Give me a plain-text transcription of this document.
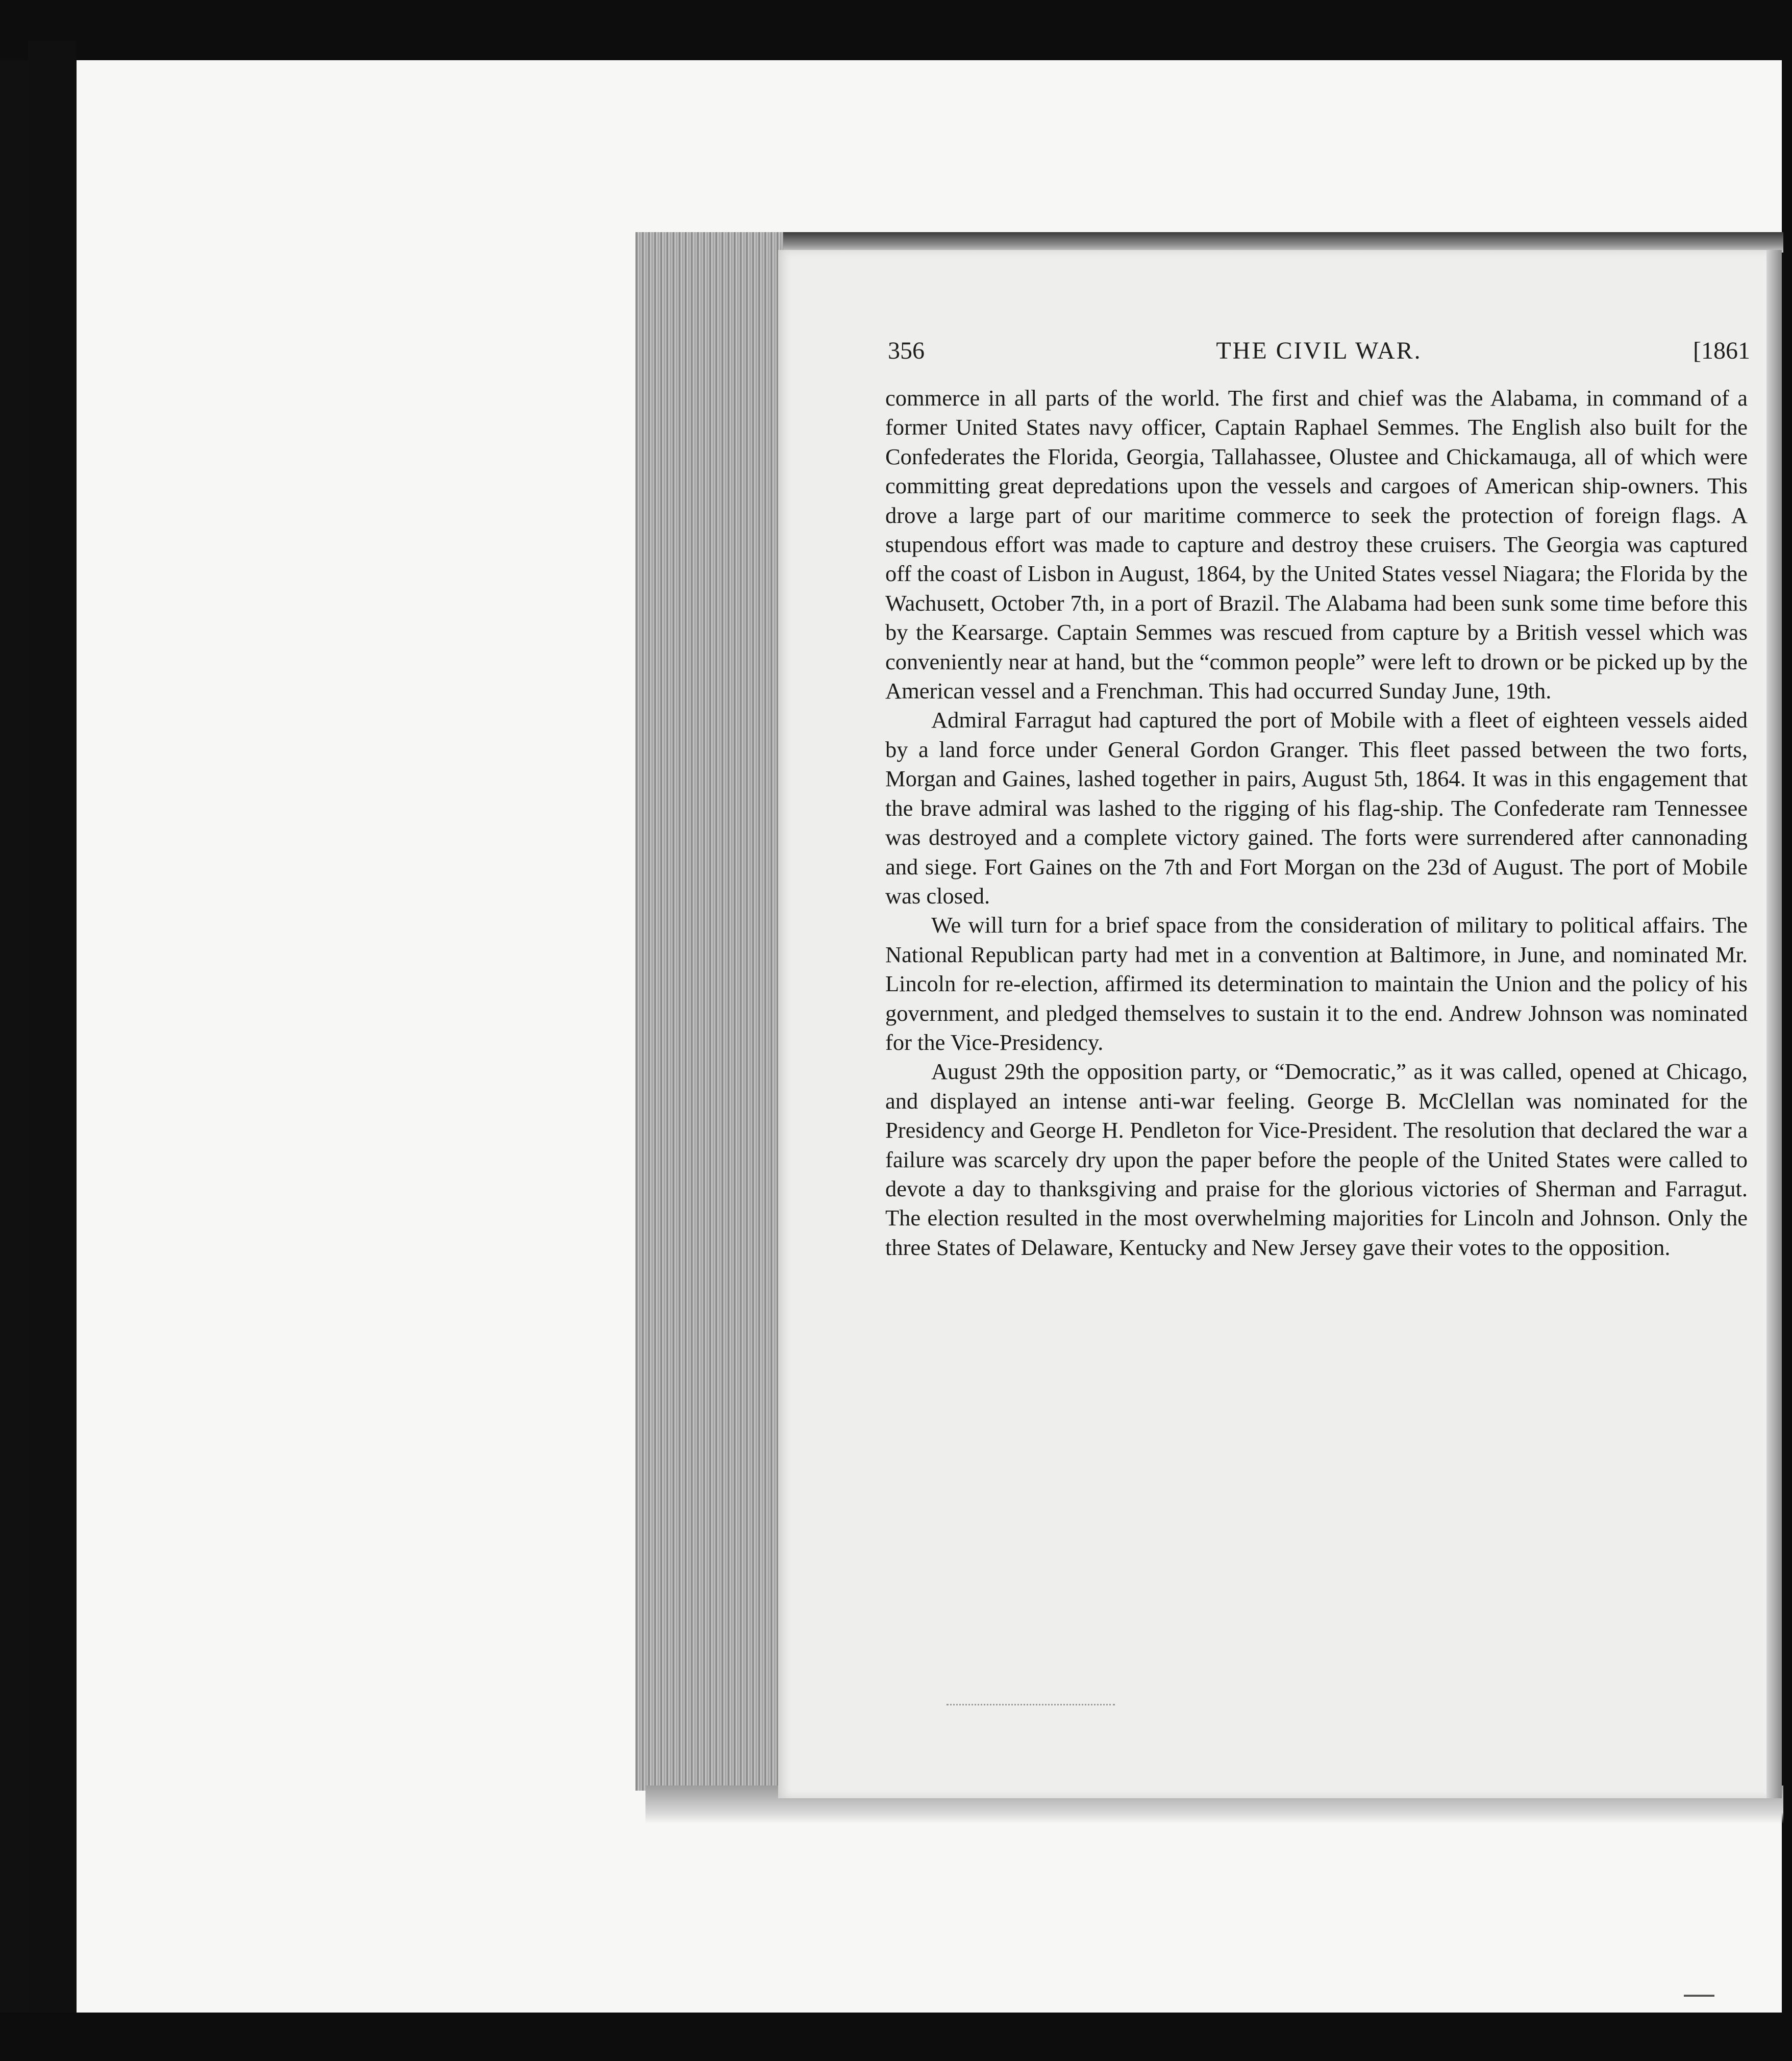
THE CIVIL WAR.
356	[1861

commerce in all parts of the world. The first and chief was the Alabama, in command of a former United States navy officer, Captain Raphael Semmes. The English also built for the Confederates the Florida, Georgia, Tallahassee, Olustee and Chickamauga, all of which were committing great depredations upon the vessels and cargoes of American ship-owners. This drove a large part of our maritime commerce to seek the protection of foreign flags. A stupendous effort was made to capture and destroy these cruisers. The Georgia was captured off the coast of Lisbon in August, 1864, by the United States vessel Niagara; the Florida by the Wachusett, October 7th, in a port of Brazil. The Alabama had been sunk some time before this by the Kearsarge. Captain Semmes was rescued from capture by a British vessel which was conveniently near at hand, but the “common people” were left to drown or be picked up by the American vessel and a Frenchman. This had occurred Sunday June, 19th.

Admiral Farragut had captured the port of Mobile with a fleet of eighteen vessels aided by a land force under General Gordon Granger. This fleet passed between the two forts, Morgan and Gaines, lashed together in pairs, August 5th, 1864. It was in this engagement that the brave admiral was lashed to the rigging of his flag-ship. The Confederate ram Tennessee was destroyed and a complete victory gained. The forts were surrendered after cannonading and siege. Fort Gaines on the 7th and Fort Morgan on the 23d of August. The port of Mobile was closed.

We will turn for a brief space from the consideration of military to political affairs. The National Republican party had met in a convention at Baltimore, in June, and nominated Mr. Lincoln for re-election, affirmed its determination to maintain the Union and the policy of his government, and pledged themselves to sustain it to the end. Andrew Johnson was nominated for the Vice-Presidency.

August 29th the opposition party, or “Democratic,” as it was called, opened at Chicago, and displayed an intense anti-war feeling. George B. McClellan was nominated for the Presidency and George H. Pendleton for Vice-President. The resolution that declared the war a failure was scarcely dry upon the paper before the people of the United States were called to devote a day to thanksgiving and praise for the glorious victories of Sherman and Farragut. The election resulted in the most overwhelming majorities for Lincoln and Johnson. Only the three States of Delaware, Kentucky and New Jersey gave their votes to the opposition.
